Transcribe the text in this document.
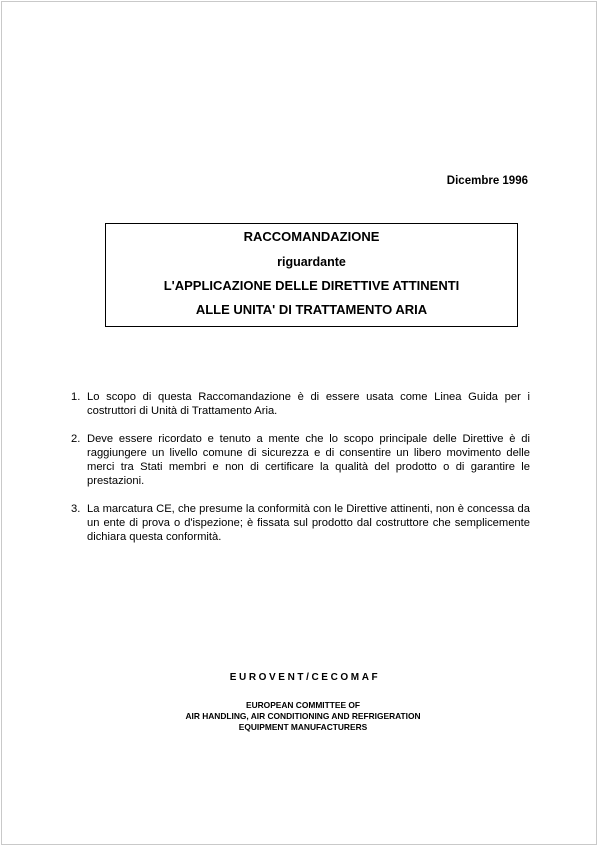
Dicembre 1996
RACCOMANDAZIONE
riguardante
L'APPLICAZIONE DELLE DIRETTIVE ATTINENTI
ALLE UNITA' DI TRATTAMENTO ARIA
1. Lo scopo di questa Raccomandazione è di essere usata come Linea Guida per i costruttori di Unità di Trattamento Aria.
2. Deve essere ricordato e tenuto a mente che lo scopo principale delle Direttive è di raggiungere un livello comune di sicurezza e di consentire un libero movimento delle merci tra Stati membri e non di certificare la qualità del prodotto o di garantire le prestazioni.
3. La marcatura CE, che presume la conformità con le Direttive attinenti, non è concessa da un ente di prova o d'ispezione; è fissata sul prodotto dal costruttore che semplicemente dichiara questa conformità.
EUROVENT/CECOMAF
EUROPEAN COMMITTEE OF
AIR HANDLING, AIR CONDITIONING AND REFRIGERATION
EQUIPMENT MANUFACTURERS
